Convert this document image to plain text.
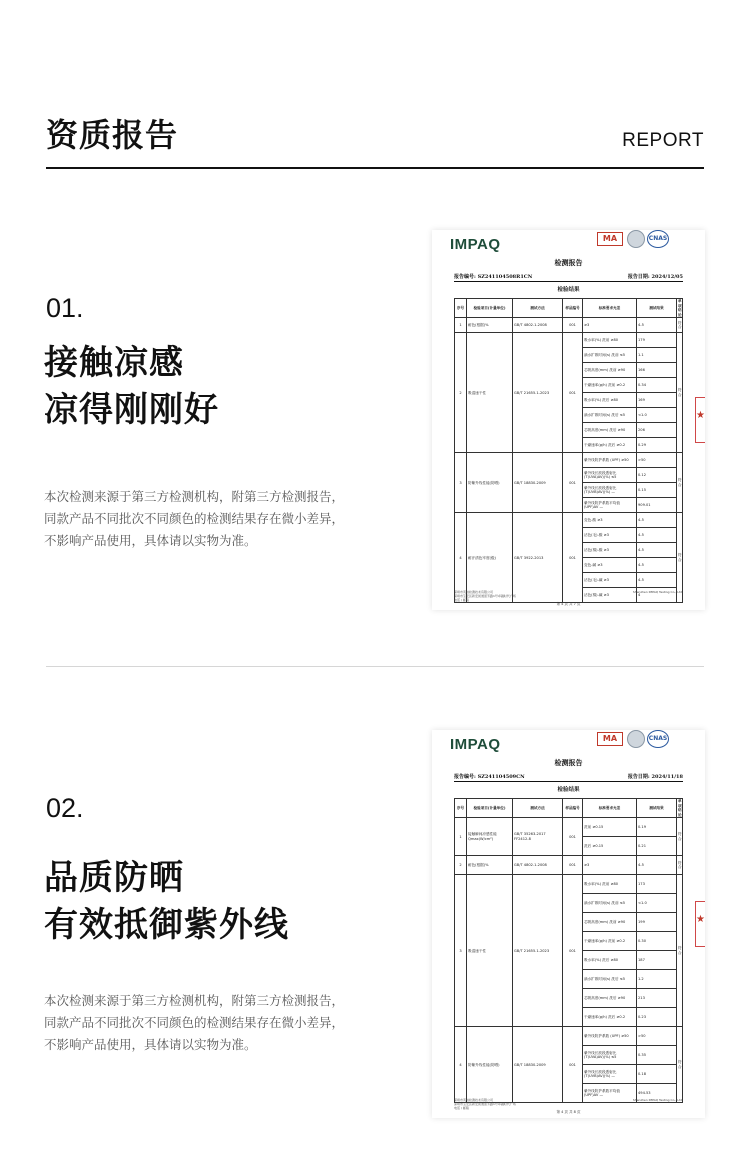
资质报告	REPORT
01.
接触凉感
凉得刚刚好
本次检测来源于第三方检测机构，附第三方检测报告，
同款产品不同批次不同颜色的检测结果存在微小差异，
不影响产品使用，具体请以实物为准。
IMPAQ	MA	CNAS
检测报告
报告编号: SZ24110450​8R1CN	报告日期: 2024/12/05
检验结果
序号	检验项目(计量单位)	测试方法	样品编号	标准要求允差	测试结果	单项结论
1	耐色(根据)%	GB/T 4802.1-2008	001	≥3	4-5	符合
2	吸湿速干性	GB/T 21655.1-2023	001	吸水率(%) 洗前 ≥80	179	符合
				滴水扩散时间(s) 洗前 ≤5	1.1	
				芯吸高度(mm) 洗前 ≥90	166	
				干燥速率(g/h) 洗前 ≥0.2	0.34	
				吸水率(%) 洗后 ≥80	169	
				滴水扩散时间(s) 洗后 ≤5	<1.0	
				芯吸高度(mm) 洗后 ≥90	206	
				干燥速率(g/h) 洗后 ≥0.2	0.29	
3	防紫外线性能(防晒)	GB/T 18830-2009	001	紫外线防护系数 (UPF) ≥50	>50	符合
				紫外线长波段透射比 (T(UVA)AV)(%) ≤5	0.12	
				紫外线长波段透射比 (T(UVB)AV)(%) —	0.15	
				紫外线防护系数平均值 (UPF)AV —	909.01	
4	耐汗渍色牢度(级)	GB/T 3922-2013	001	变色-酸 ≥3	4-5	符合
				沾色(毛)-酸 ≥3	4-5	
				沾色(棉)-酸 ≥3	4-5	
				变色-碱 ≥3	4-5	
				沾色(毛)-碱 ≥3	4-5	
				沾色(棉)-碱 ≥3	4	
深圳市英柏检测技术有限公司
深圳市宝安区新安街道留芳路1号卓越时代广场
电话 / 邮箱
Shenzhen IMPAQ Testing Co., Ltd.
第 4 页 共 7 页
★
02.
品质防晒
有效抵御紫外线
本次检测来源于第三方检测机构，附第三方检测报告，
同款产品不同批次不同颜色的检测结果存在微小差异，
不影响产品使用，具体请以实物为准。
IMPAQ	MA	CNAS
检测报告
报告编号: SZ24110450​9CN	报告日期: 2024/11/18
检验结果
序号	检验项目(计量单位)	测试方法	样品编号	标准要求允差	测试结果	单项结论
1	接触瞬间凉感性能 Qmax(W/cm²)	GB/T 35263-2017 FF2412-8	001	洗前 ≥0.15	0.19	符合
				洗后 ≥0.15	0.21	
2	耐色(根据)%	GB/T 4802.1-2008	001	≥3	4-5	符合
3	吸湿速干性	GB/T 21655.1-2023	001	吸水率(%) 洗前 ≥80	173	符合
				滴水扩散时间(s) 洗前 ≤5	<1.0	
				芯吸高度(mm) 洗前 ≥90	199	
				干燥速率(g/h) 洗前 ≥0.2	0.30	
				吸水率(%) 洗后 ≥80	187	
				滴水扩散时间(s) 洗后 ≤5	1.2	
				芯吸高度(mm) 洗后 ≥90	213	
				干燥速率(g/h) 洗后 ≥0.2	0.23	
4	防紫外线性能(防晒)	GB/T 18830-2009	001	紫外线防护系数 (UPF) ≥50	>50	符合
				紫外线长波段透射比 (T(UVA)AV)(%) ≤5	0.35	
				紫外线长波段透射比 (T(UVB)AV)(%) —	0.18	
				紫外线防护系数平均值 (UPF)AV —	494.53	
深圳市英柏检测技术有限公司
深圳市宝安区新安街道留芳路1号卓越时代广场
电话 / 邮箱
Shenzhen IMPAQ Testing Co., Ltd.
第 4 页 共 8 页
★
